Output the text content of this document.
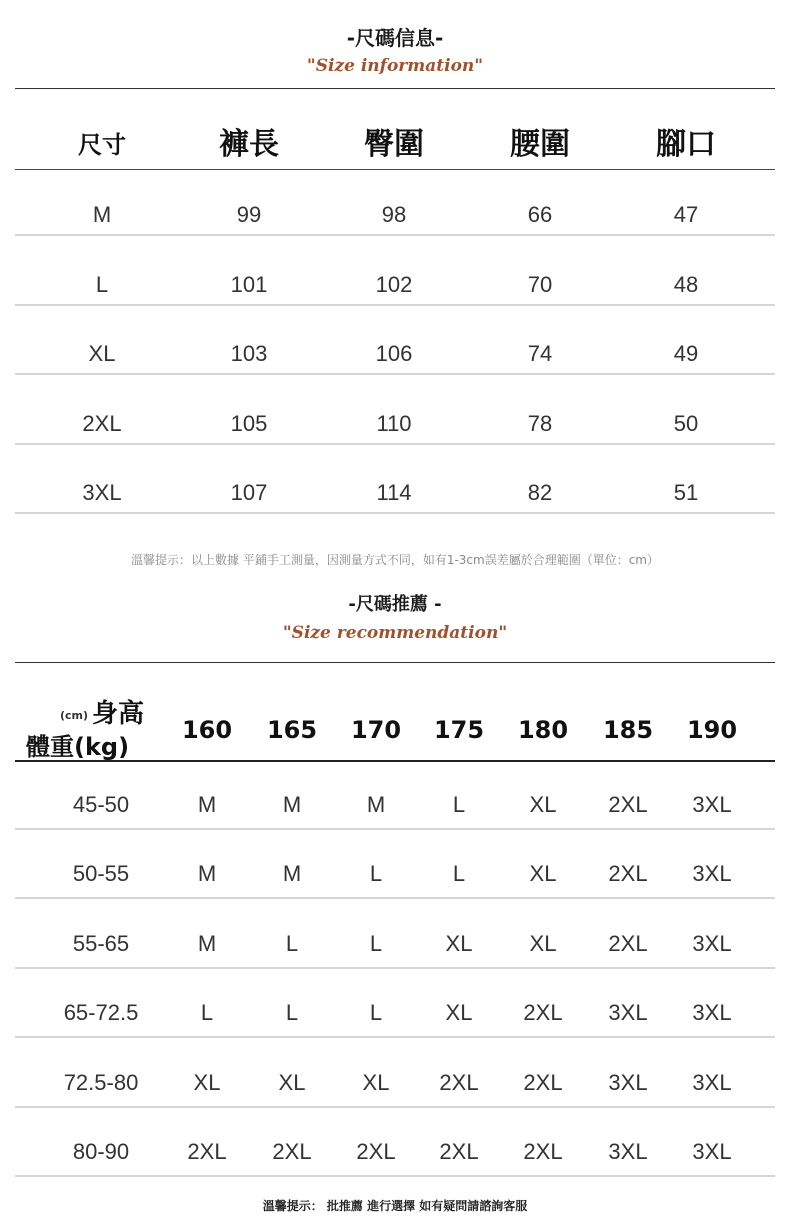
-尺碼信息-
"Size information"
尺寸	褲長	臀圍	腰圍	腳口
M	99	98	66	47
L	101	102	70	48
XL	103	106	74	49
2XL	105	110	78	50
3XL	107	114	82	51
溫馨提示：以上數據 平鋪手工測量，因測量方式不同，如有1-3cm誤差屬於合理範圍（單位：cm）
-尺碼推薦 -
"Size recommendation"
(cm) 身高
體重(kg)
160 165 170 175 180 185 190
45-50	M	M	M	L	XL 2XL 3XL
50-55	M	M	L	L	XL 2XL 3XL
55-65	M	L	L	XL	XL 2XL 3XL
65-72.5	L	L	L	XL 2XL 3XL 3XL
72.5-80	XL	XL	XL 2XL 2XL 3XL 3XL
80-90	2XL 2XL 2XL 2XL 2XL 3XL 3XL
溫馨提示： 批推薦 進行選擇 如有疑問請諮詢客服
